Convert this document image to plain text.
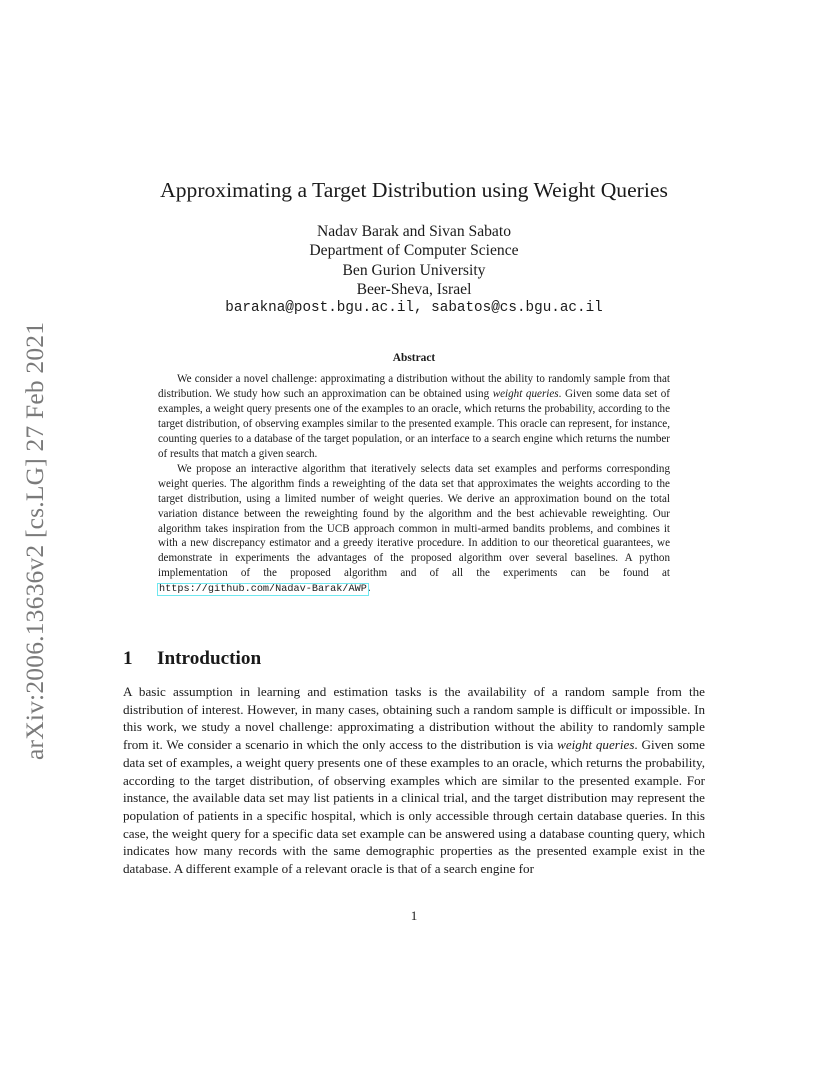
arXiv:2006.13636v2 [cs.LG] 27 Feb 2021
Approximating a Target Distribution using Weight Queries
Nadav Barak and Sivan Sabato
Department of Computer Science
Ben Gurion University
Beer-Sheva, Israel
barakna@post.bgu.ac.il, sabatos@cs.bgu.ac.il
Abstract

We consider a novel challenge: approximating a distribution without the ability to randomly sample from that distribution. We study how such an approximation can be obtained using weight queries. Given some data set of examples, a weight query presents one of the examples to an oracle, which returns the probability, according to the target distribution, of observing examples similar to the presented example. This oracle can represent, for instance, counting queries to a database of the target population, or an interface to a search engine which returns the number of results that match a given search.

We propose an interactive algorithm that iteratively selects data set examples and performs corresponding weight queries. The algorithm finds a reweighting of the data set that approximates the weights according to the target distribution, using a limited number of weight queries. We derive an approximation bound on the total variation distance between the reweighting found by the algorithm and the best achievable reweighting. Our algorithm takes inspiration from the UCB approach common in multi-armed bandits problems, and combines it with a new discrepancy estimator and a greedy iterative procedure. In addition to our theoretical guarantees, we demonstrate in experiments the advantages of the proposed algorithm over several baselines. A python implementation of the proposed algorithm and of all the experiments can be found at https://github.com/Nadav-Barak/AWP.

1 Introduction

A basic assumption in learning and estimation tasks is the availability of a random sample from the distribution of interest. However, in many cases, obtaining such a random sample is difficult or impossible. In this work, we study a novel challenge: approximating a distribution without the ability to randomly sample from it. We consider a scenario in which the only access to the distribution is via weight queries. Given some data set of examples, a weight query presents one of these examples to an oracle, which returns the probability, according to the target distribution, of observing examples which are similar to the presented example. For instance, the available data set may list patients in a clinical trial, and the target distribution may represent the population of patients in a specific hospital, which is only accessible through certain database queries. In this case, the weight query for a specific data set example can be answered using a database counting query, which indicates how many records with the same demographic properties as the presented example exist in the database. A different example of a relevant oracle is that of a search engine for

1
